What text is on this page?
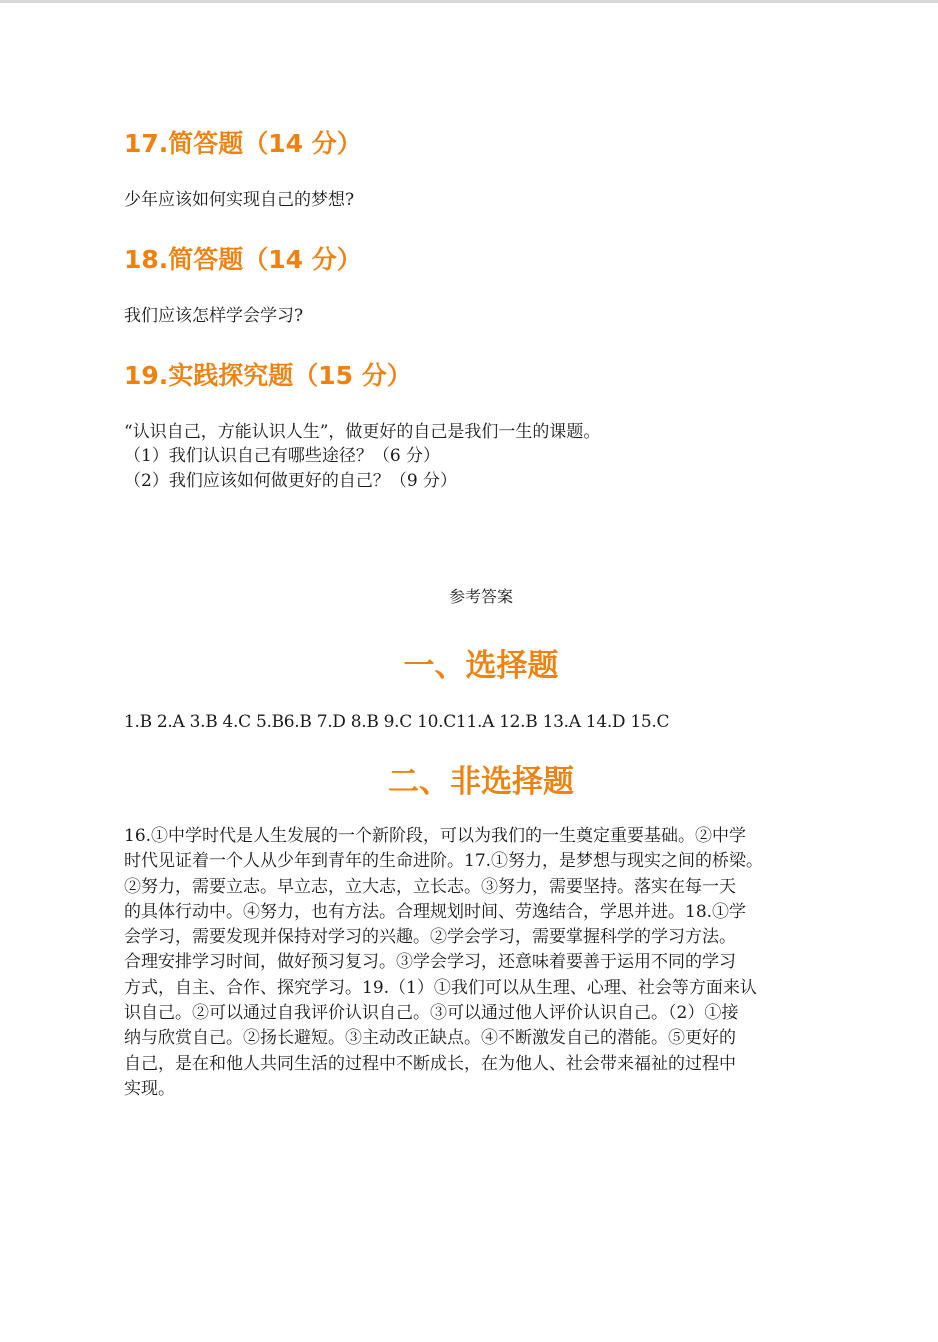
17.简答题（14 分）

少年应该如何实现自己的梦想?

18.简答题（14 分）

我们应该怎样学会学习?

19.实践探究题（15 分）

“认识自己，方能认识人生”，做更好的自己是我们一生的课题。

（1）我们认识自己有哪些途径？（6 分）

（2）我们应该如何做更好的自己？（9 分）

参考答案

一、选择题

1.B 2.A 3.B 4.C 5.B6.B 7.D 8.B 9.C 10.C11.A 12.B 13.A 14.D 15.C

二、非选择题

16.①中学时代是人生发展的一个新阶段，可以为我们的一生奠定重要基础。②中学
时代见证着一个人从少年到青年的生命进阶。17.①努力，是梦想与现实之间的桥梁。
②努力，需要立志。早立志，立大志，立长志。③努力，需要坚持。落实在每一天
的具体行动中。④努力，也有方法。合理规划时间、劳逸结合，学思并进。18.①学
会学习，需要发现并保持对学习的兴趣。②学会学习，需要掌握科学的学习方法。
合理安排学习时间，做好预习复习。③学会学习，还意味着要善于运用不同的学习
方式，自主、合作、探究学习。19.（1）①我们可以从生理、心理、社会等方面来认
识自己。②可以通过自我评价认识自己。③可以通过他人评价认识自己。（2）①接
纳与欣赏自己。②扬长避短。③主动改正缺点。④不断激发自己的潜能。⑤更好的
自己，是在和他人共同生活的过程中不断成长，在为他人、社会带来福祉的过程中
实现。
